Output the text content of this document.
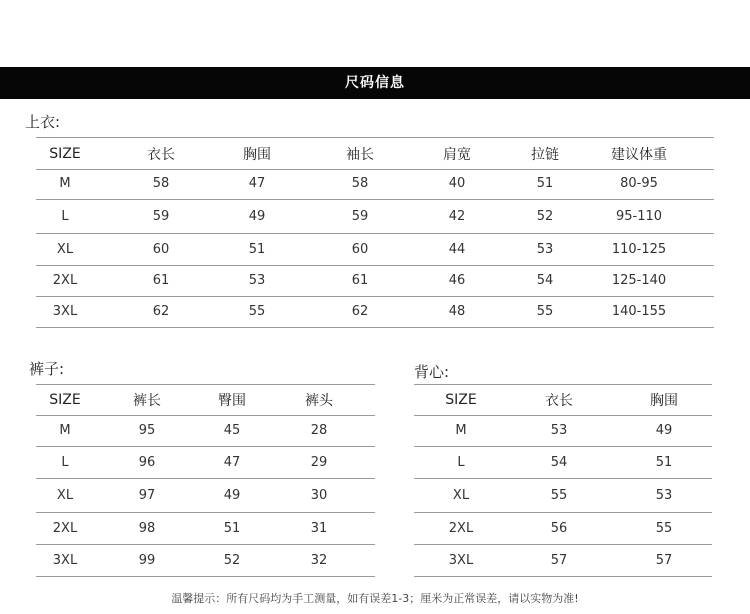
尺码信息
上衣:
SIZE	衣长	胸围	袖长	肩宽	拉链	建议体重
M	58	47	58	40	51	80-95
L	59	49	59	42	52	95-110
XL	60	51	60	44	53	110-125
2XL	61	53	61	46	54	125-140
3XL	62	55	62	48	55	140-155
裤子:
SIZE	裤长	臀围	裤头
M	95	45	28
L	96	47	29
XL	97	49	30
2XL	98	51	31
3XL	99	52	32
背心:
SIZE	衣长	胸围
M	53	49
L	54	51
XL	55	53
2XL	56	55
3XL	57	57
温馨提示：所有尺码均为手工测量，如有误差1-3；厘米为正常误差，请以实物为准!
